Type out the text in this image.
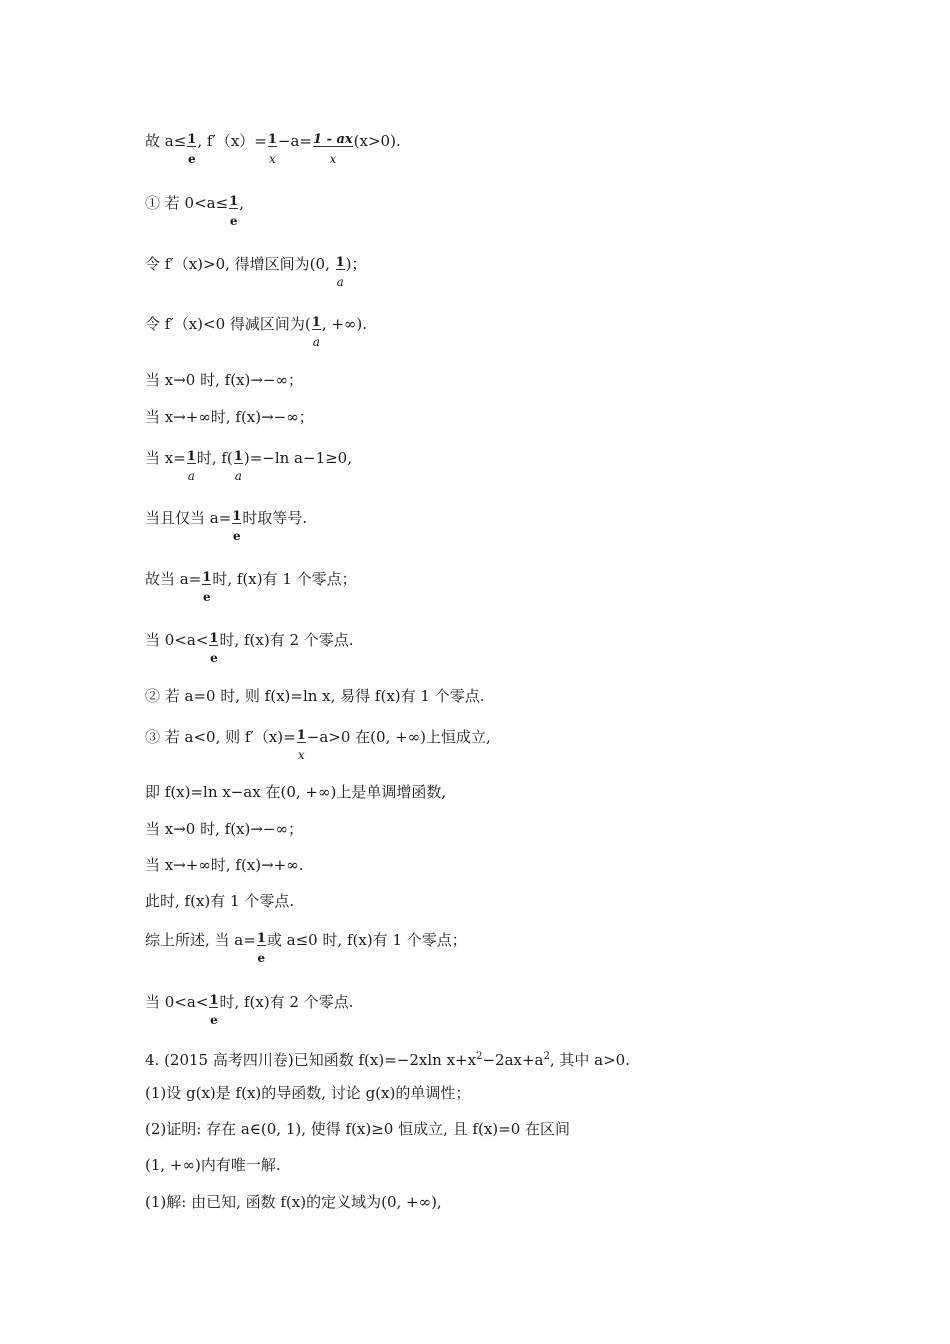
故 $a\le \frac{1}{e}$ , $f'(x)= \frac{1}{x} -a= \frac{1 - ax}{x} (x>0)$.
① 若 $0<a\le \frac{1}{e}$ ,
令 f′（x)>0, 得增区间为(0, $\frac{1}{a}$ )；
令 f′（x)<0 得减区间为( $\frac{1}{a}$ , +∞).
当 x→0 时, f(x)→−∞；
当 x→+∞时, f(x)→−∞；
当 $x= \frac{1}{a}$ 时, $f( \frac{1}{a} )=-\ln$ a−1≥0,
当且仅当 $a= \frac{1}{e}$ 时取等号.
故当 $a= \frac{1}{e}$ 时, f(x)有 1 个零点；
当 $0<a< \frac{1}{e}$ 时, f(x)有 2 个零点.
② 若 a=0 时, 则 f(x)=ln x, 易得 f(x)有 1 个零点.
③ 若 a<0, 则 $f'(x)= \frac{1}{x} -a>0$ 在(0, +∞)上恒成立,
即 f(x)=ln x−ax 在(0, +∞)上是单调增函数,
当 x→0 时, f(x)→−∞；
当 x→+∞时, f(x)→+∞.
此时, f(x)有 1 个零点.
综上所述, 当 $a= \frac{1}{e}$ 或 a≤0 时, f(x)有 1 个零点；
当 $0<a< \frac{1}{e}$ 时, f(x)有 2 个零点.
4. (2015 高考四川卷)已知函数 f(x)=−2xln $x+x^2-2ax+a^2$, 其中 a>0.
(1)设 g(x)是 f(x)的导函数, 讨论 g(x)的单调性；
(2)证明: 存在 a∈(0, 1), 使得 f(x)≥0 恒成立, 且 f(x)=0 在区间
(1, +∞)内有唯一解.
(1)解: 由已知, 函数 f(x)的定义域为(0, +∞),
